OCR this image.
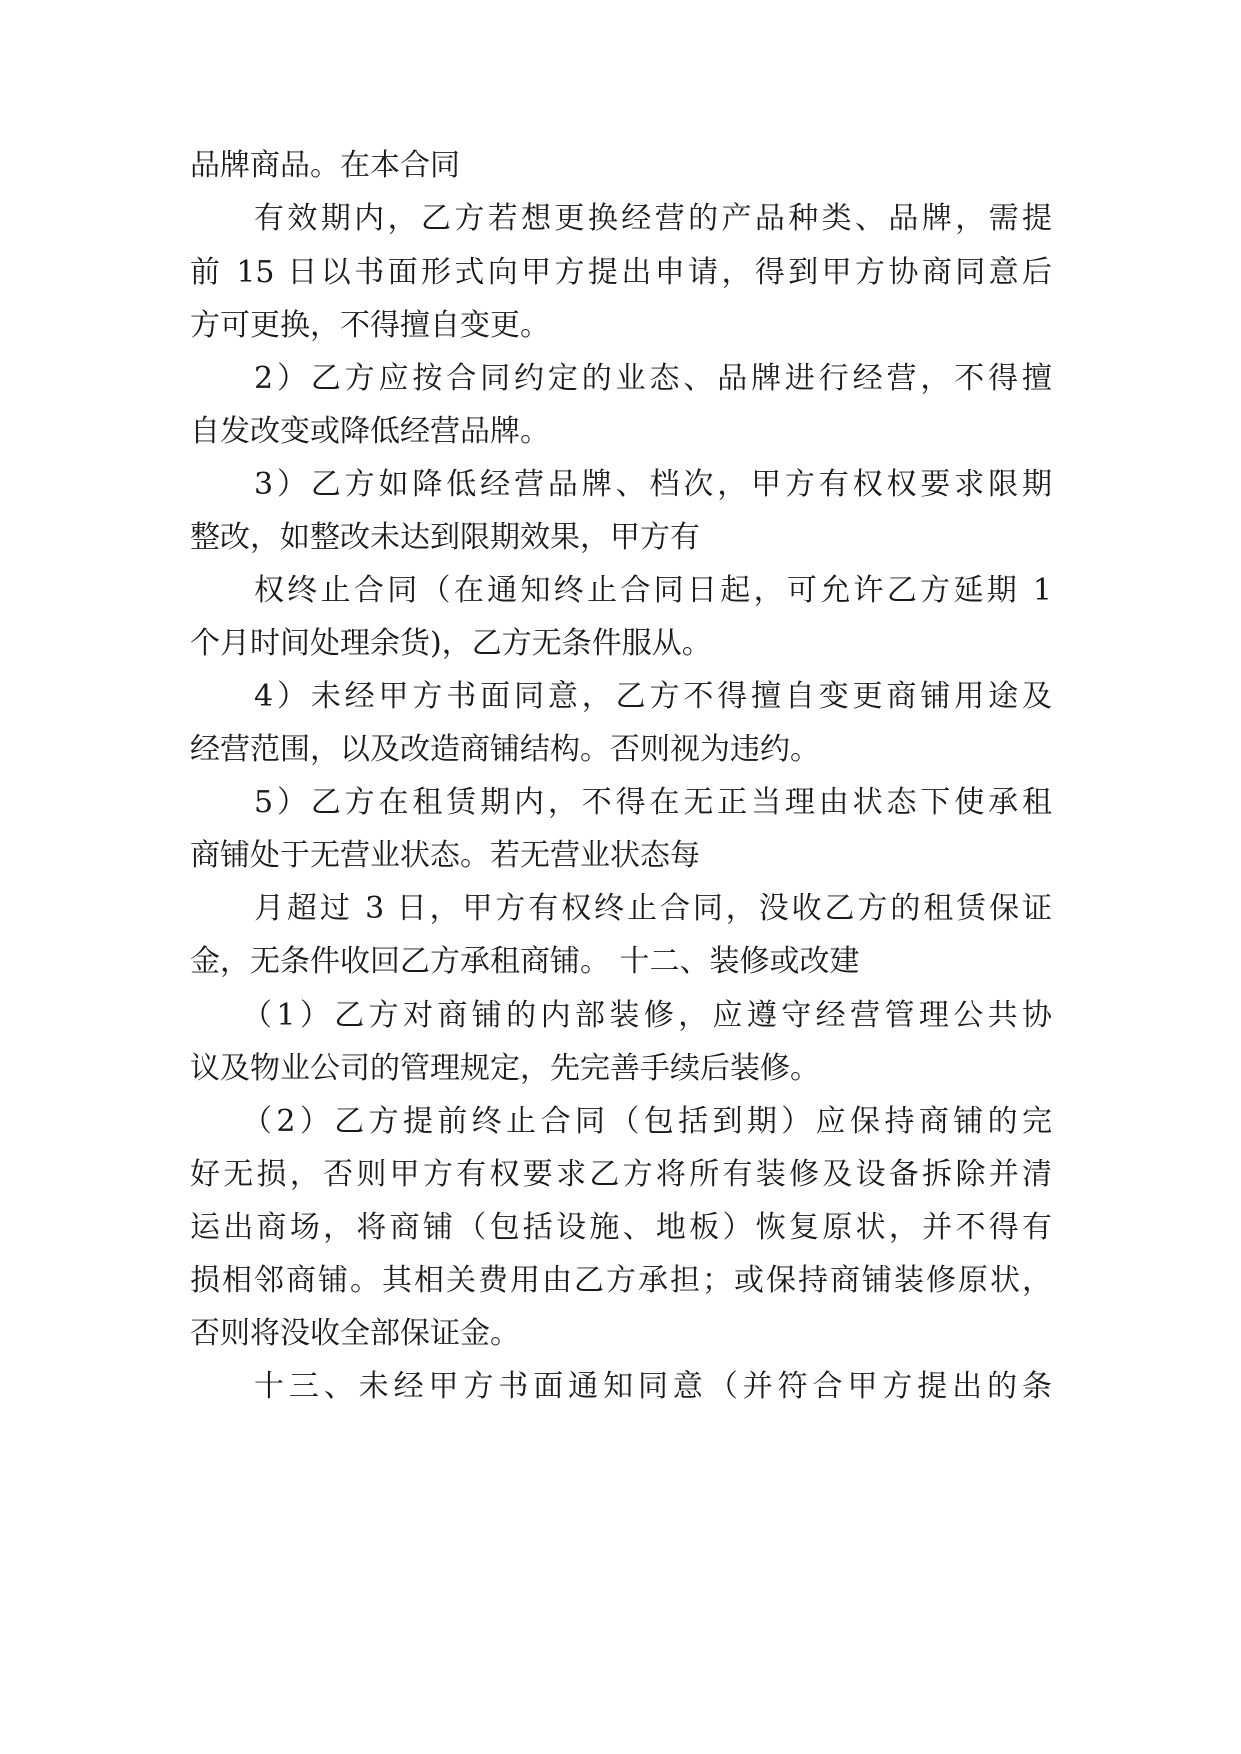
品牌商品。在本合同
有效期内，乙方若想更换经营的产品种类、品牌，需提
前 15 日以书面形式向甲方提出申请，得到甲方协商同意后
方可更换，不得擅自变更。
2）乙方应按合同约定的业态、品牌进行经营，不得擅
自发改变或降低经营品牌。
3）乙方如降低经营品牌、档次，甲方有权权要求限期
整改，如整改未达到限期效果，甲方有
权终止合同（在通知终止合同日起，可允许乙方延期 1
个月时间处理余货)，乙方无条件服从。
4）未经甲方书面同意，乙方不得擅自变更商铺用途及
经营范围，以及改造商铺结构。否则视为违约。
5）乙方在租赁期内，不得在无正当理由状态下使承租
商铺处于无营业状态。若无营业状态每
月超过 3 日，甲方有权终止合同，没收乙方的租赁保证
金，无条件收回乙方承租商铺。 十二、装修或改建
（1）乙方对商铺的内部装修，应遵守经营管理公共协
议及物业公司的管理规定，先完善手续后装修。
（2）乙方提前终止合同（包括到期）应保持商铺的完
好无损，否则甲方有权要求乙方将所有装修及设备拆除并清
运出商场，将商铺（包括设施、地板）恢复原状，并不得有
损相邻商铺。其相关费用由乙方承担；或保持商铺装修原状，
否则将没收全部保证金。
十三、未经甲方书面通知同意（并符合甲方提出的条
